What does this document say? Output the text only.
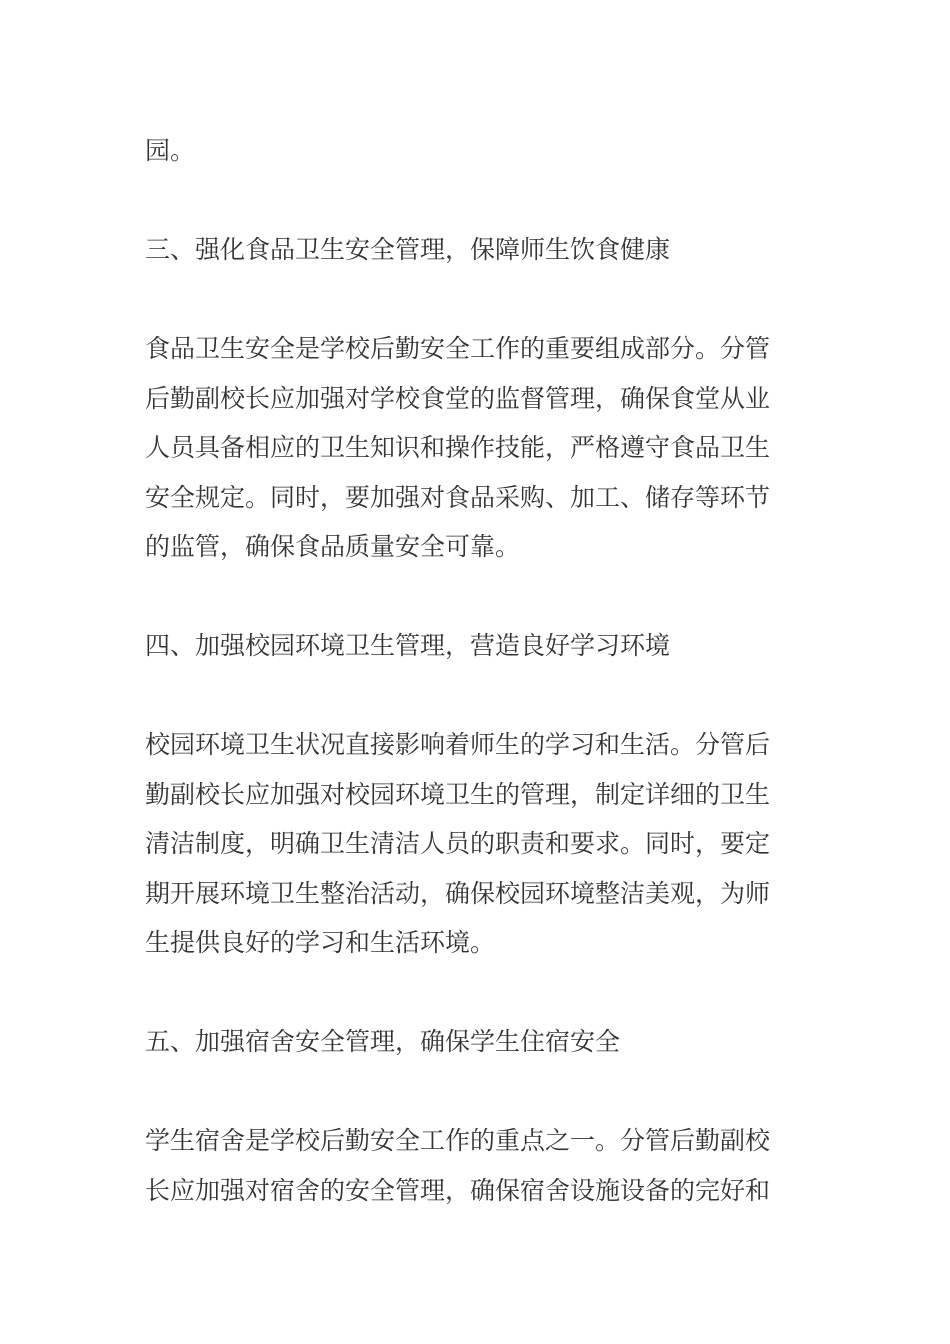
园。
三、强化食品卫生安全管理，保障师生饮食健康
食品卫生安全是学校后勤安全工作的重要组成部分。分管
后勤副校长应加强对学校食堂的监督管理，确保食堂从业
人员具备相应的卫生知识和操作技能，严格遵守食品卫生
安全规定。同时，要加强对食品采购、加工、储存等环节
的监管，确保食品质量安全可靠。
四、加强校园环境卫生管理，营造良好学习环境
校园环境卫生状况直接影响着师生的学习和生活。分管后
勤副校长应加强对校园环境卫生的管理，制定详细的卫生
清洁制度，明确卫生清洁人员的职责和要求。同时，要定
期开展环境卫生整治活动，确保校园环境整洁美观，为师
生提供良好的学习和生活环境。
五、加强宿舍安全管理，确保学生住宿安全
学生宿舍是学校后勤安全工作的重点之一。分管后勤副校
长应加强对宿舍的安全管理，确保宿舍设施设备的完好和
